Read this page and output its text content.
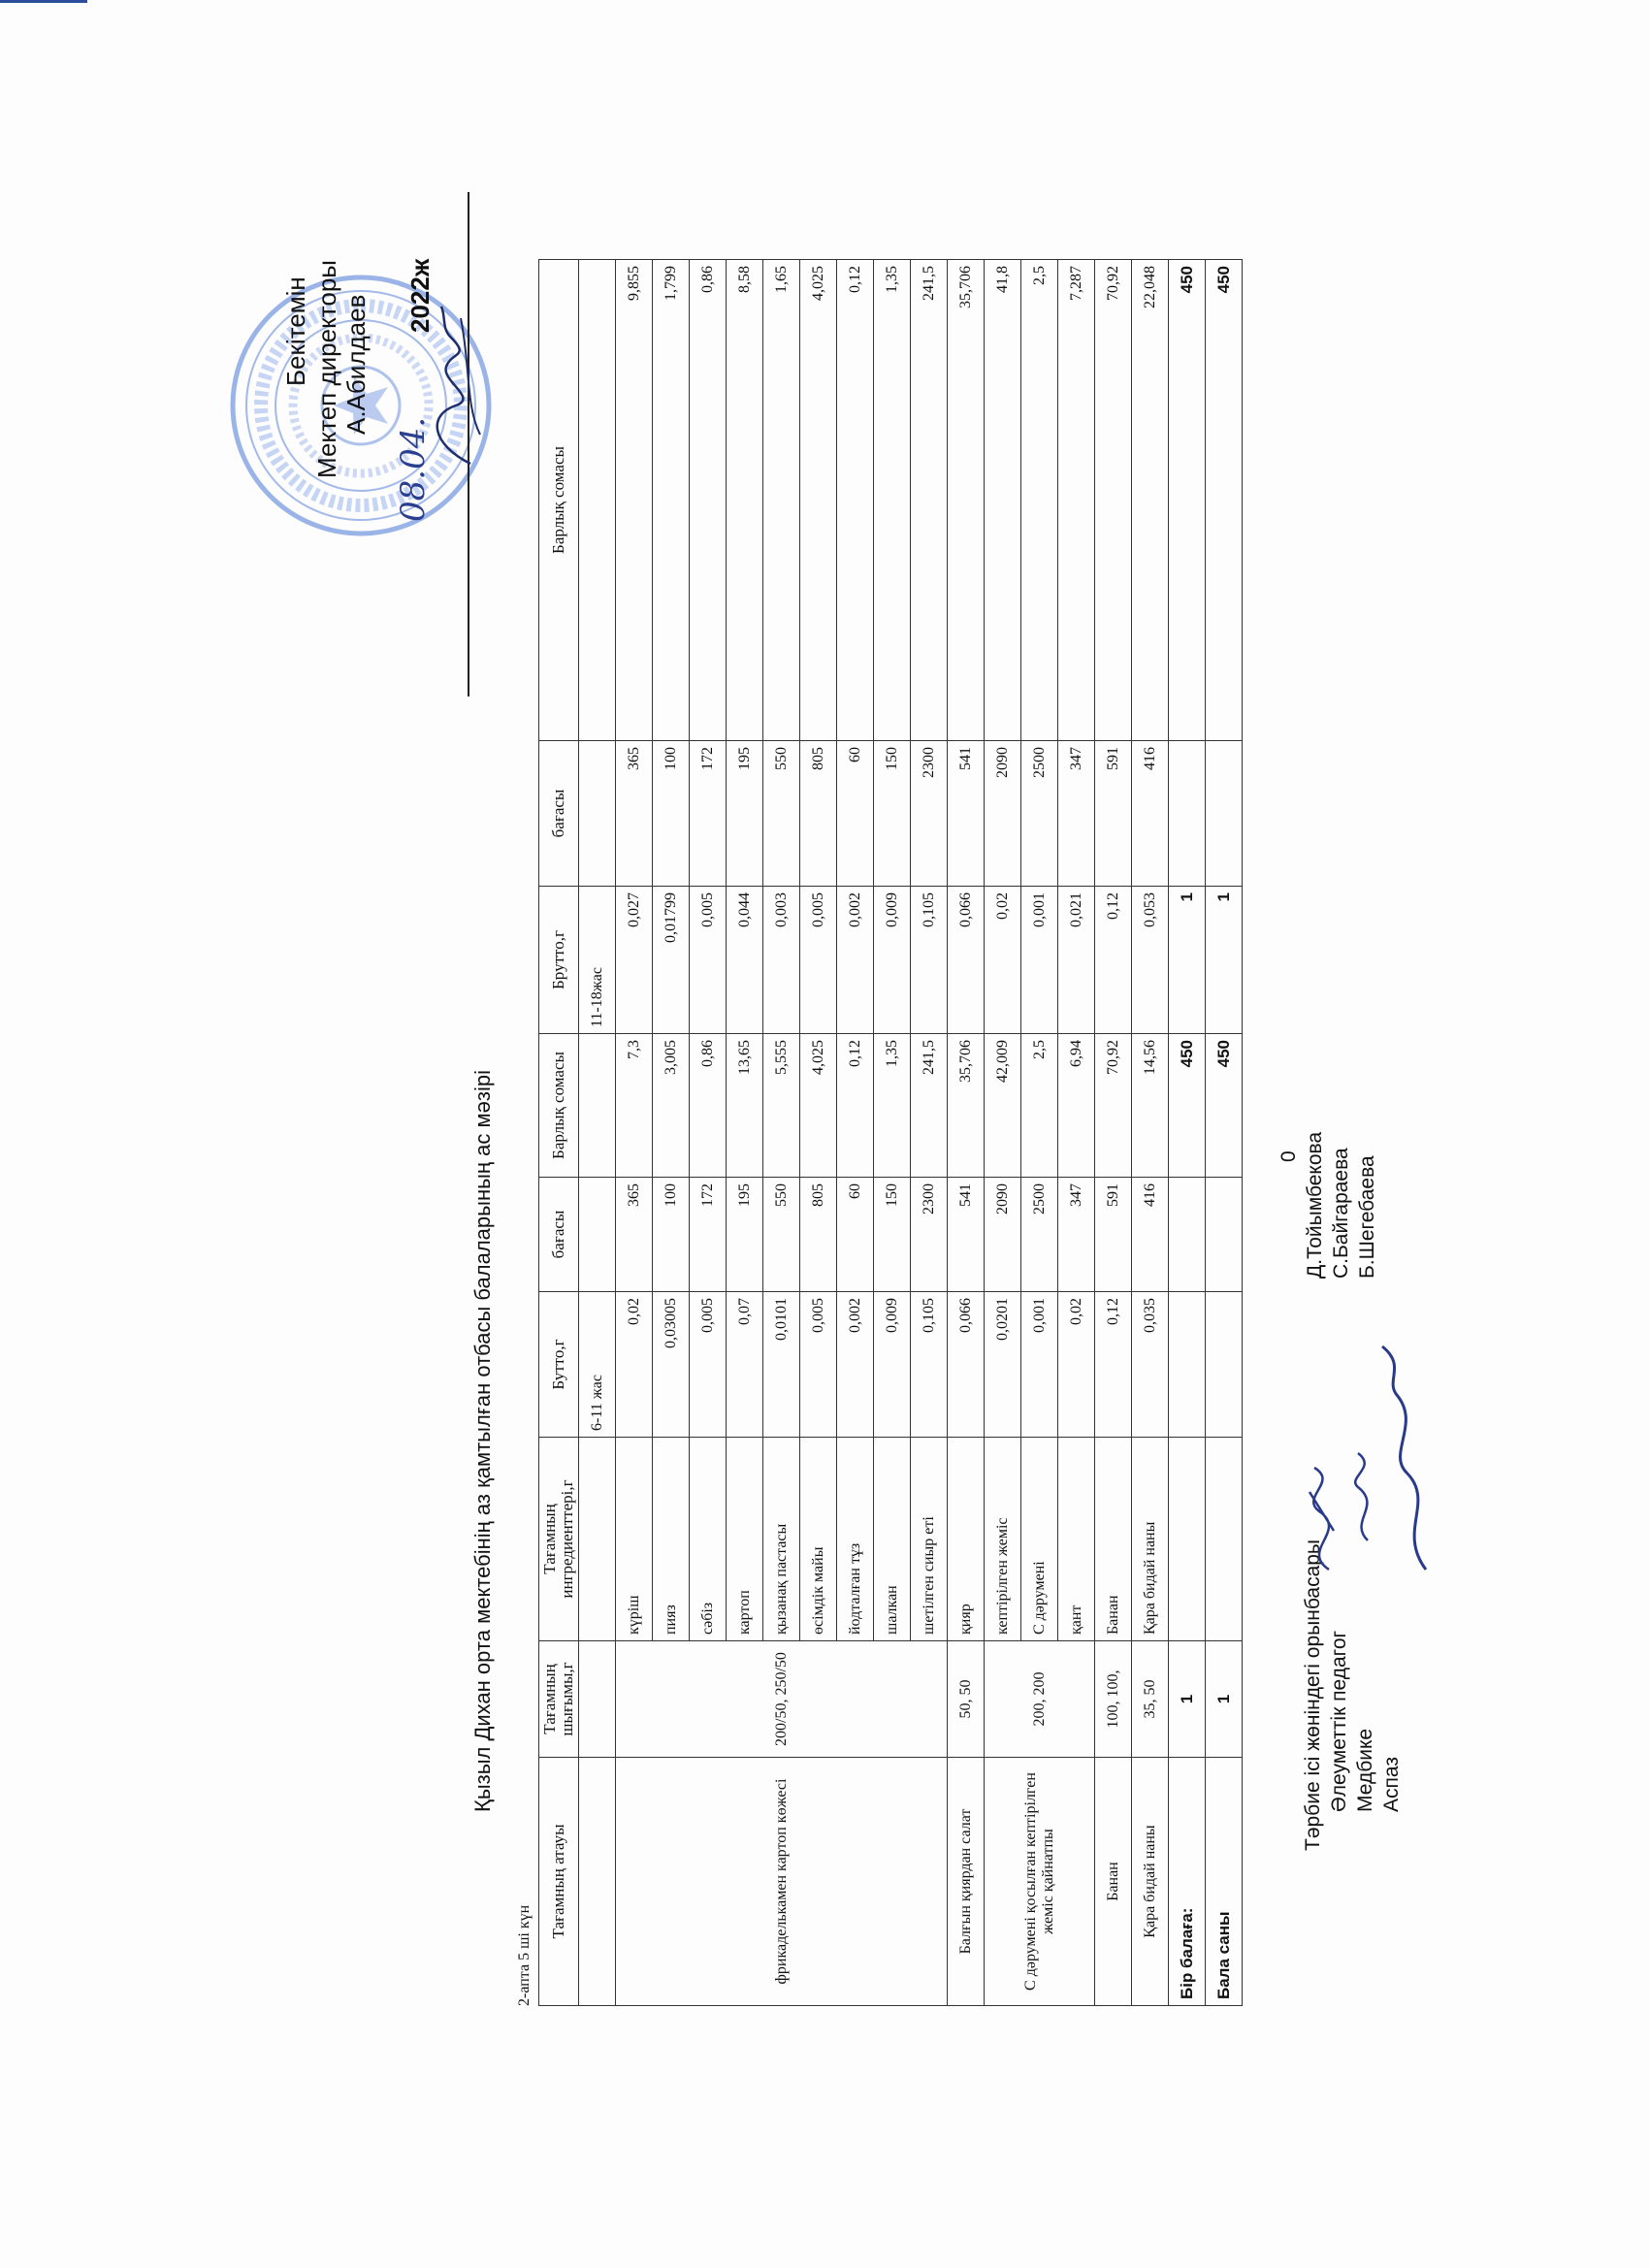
Бекітемін Мектеп директоры А.Абилдаев
08.04.
2022ж
Қызыл Дихан орта мектебінің аз қамтылған отбасы балаларының ас мәзірі
2-апта 5 ші күн
Тағамның атауы	Тағамның шығымы,г	Тағамның ингредиенттері,г	Бутто,г	бағасы	Барлық сомасы	Брутто,г	бағасы	Барлық сомасы
			6-11 жас			11-18жас		
фрикаделькамен картоп көжесі	200/50, 250/50	күріш	0,02	365	7,3	0,027	365	9,855
		пияз	0,03005	100	3,005	0,01799	100	1,799
		сәбіз	0,005	172	0,86	0,005	172	0,86
		картоп	0,07	195	13,65	0,044	195	8,58
		қызанақ пастасы	0,0101	550	5,555	0,003	550	1,65
		өсімдік майы	0,005	805	4,025	0,005	805	4,025
		йодталған тұз	0,002	60	0,12	0,002	60	0,12
		шалкан	0,009	150	1,35	0,009	150	1,35
		шетілген сиыр еті	0,105	2300	241,5	0,105	2300	241,5
Балғын қиярдан салат	50, 50	қияр	0,066	541	35,706	0,066	541	35,706
С дәрумені қосылған кептірілген жеміс қайнатпы	200, 200	кептірілген жеміс	0,0201	2090	42,009	0,02	2090	41,8
		С дәрумені	0,001	2500	2,5	0,001	2500	2,5
		қант	0,02	347	6,94	0,021	347	7,287
Банан	100, 100,	Банан	0,12	591	70,92	0,12	591	70,92
Қара бидай наны	35, 50	Қара бидай наны	0,035	416	14,56	0,053	416	22,048
Бір балаға:	1				450	1		450
Бала саны	1				450	1		450
Тәрбие ісі жөніндегі орынбасары Әлеуметтік педагог Медбике Аспаз
0 Д.Тойымбекова С.Байгараева Б.Шегебаева
